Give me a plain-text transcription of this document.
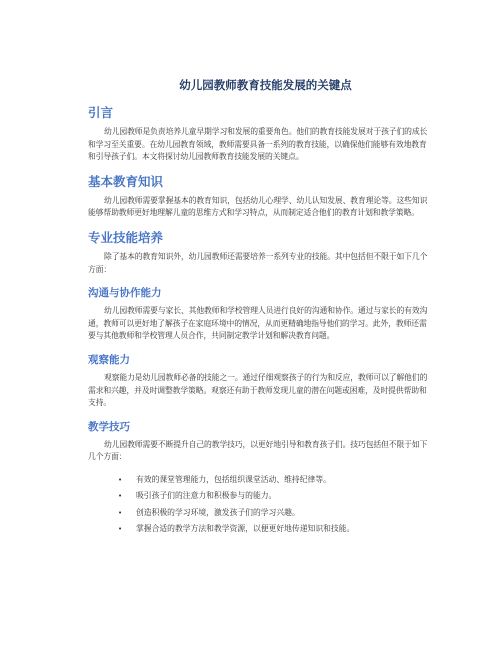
幼儿园教师教育技能发展的关键点
引言

幼儿园教师是负责培养儿童早期学习和发展的重要角色。他们的教育技能发展对于孩子们的成长和学习至关重要。在幼儿园教育领域，教师需要具备一系列的教育技能，以确保他们能够有效地教育和引导孩子们。本文将探讨幼儿园教师教育技能发展的关键点。

基本教育知识

幼儿园教师需要掌握基本的教育知识，包括幼儿心理学、幼儿认知发展、教育理论等。这些知识能够帮助教师更好地理解儿童的思维方式和学习特点，从而制定适合他们的教育计划和教学策略。

专业技能培养

除了基本的教育知识外，幼儿园教师还需要培养一系列专业的技能。其中包括但不限于如下几个方面：

沟通与协作能力

幼儿园教师需要与家长、其他教师和学校管理人员进行良好的沟通和协作。通过与家长的有效沟通，教师可以更好地了解孩子在家庭环境中的情况，从而更精确地指导他们的学习。此外，教师还需要与其他教师和学校管理人员合作，共同制定教学计划和解决教育问题。

观察能力

观察能力是幼儿园教师必备的技能之一。通过仔细观察孩子的行为和反应，教师可以了解他们的需求和兴趣，并及时调整教学策略。观察还有助于教师发现儿童的潜在问题或困难，及时提供帮助和支持。

教学技巧

幼儿园教师需要不断提升自己的教学技巧，以更好地引导和教育孩子们。技巧包括但不限于如下几个方面：

• 有效的课堂管理能力，包括组织课堂活动、维持纪律等。
• 吸引孩子们的注意力和积极参与的能力。
• 创造积极的学习环境，激发孩子们的学习兴趣。
• 掌握合适的教学方法和教学资源，以便更好地传递知识和技能。
